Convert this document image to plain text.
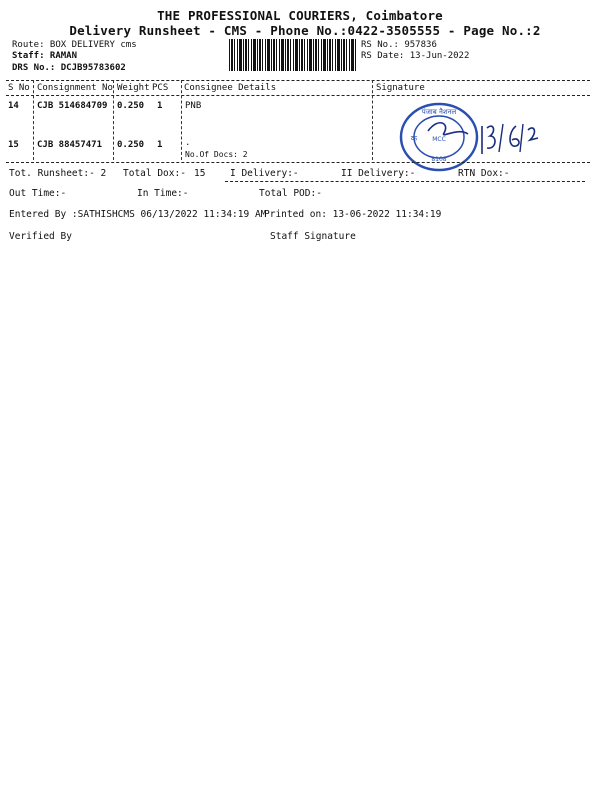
THE PROFESSIONAL COURIERS, Coimbatore
Delivery Runsheet - CMS - Phone No.:0422-3505555 - Page No.:2
Route: BOX DELIVERY cms
Staff: RAMAN
DRS No.: DCJB95783602
RS No.: 957836
RS Date: 13-Jun-2022
S No Consignment No Weight PCS Consignee Details	Signature
14 CJB 514684709 0.250 1	PNB
15 CJB 88457471 0.250 1	.
No.Of Docs: 2
पंजाब नैशनल
MCC
8108
क
Tot. Runsheet:- 2 Total Dox:- 15	I Delivery:-	II Delivery:-	RTN Dox:-
Out Time:-	In Time:-	Total POD:-
Entered By :SATHISHCMS 06/13/2022 11:34:19 AM
Printed on: 13-06-2022 11:34:19
Verified By	Staff Signature
